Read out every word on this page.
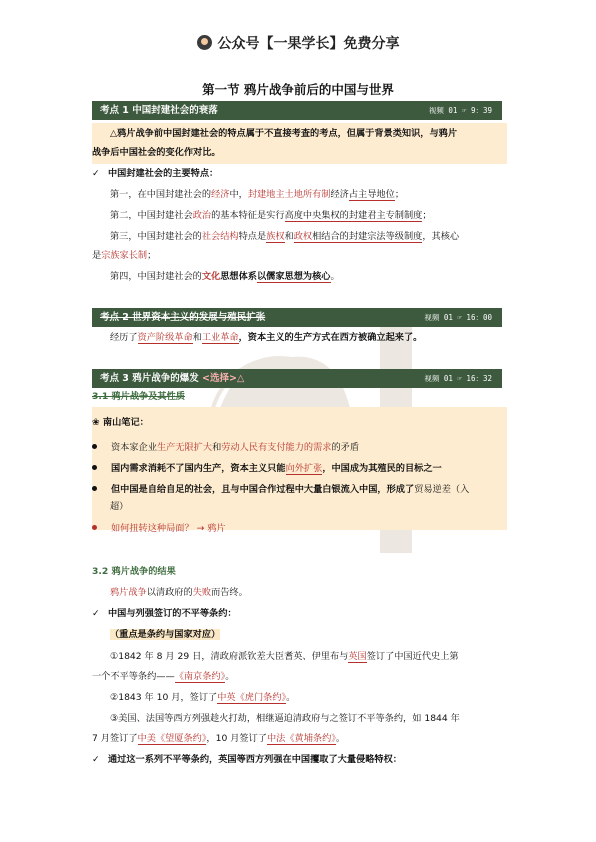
公众号【一果学长】免费分享
第一节 鸦片战争前后的中国与世界
考点 1 中国封建社会的衰落	视频 01 ☞ 9：39
△鸦片战争前中国封建社会的特点属于不直接考查的考点，但属于背景类知识，与鸦片
战争后中国社会的变化作对比。
✓ 中国封建社会的主要特点：
第一，在中国封建社会的经济中，封建地主土地所有制经济占主导地位；
第二，中国封建社会政治的基本特征是实行高度中央集权的封建君主专制制度；
第三，中国封建社会的社会结构特点是族权和政权相结合的封建宗法等级制度，其核心
是宗族家长制；
第四，中国封建社会的文化思想体系以儒家思想为核心。
考点 2 世界资本主义的发展与殖民扩张	视频 01 ☞ 16：00
经历了资产阶级革命和工业革命，资本主义的生产方式在西方被确立起来了。
考点 3 鸦片战争的爆发 <选择>△	视频 01 ☞ 16：32
3.1 鸦片战争及其性质
❀ 南山笔记：
资本家企业生产无限扩大和劳动人民有支付能力的需求的矛盾
国内需求消耗不了国内生产，资本主义只能向外扩张，中国成为其殖民的目标之一
但中国是自给自足的社会，且与中国合作过程中大量白银流入中国，形成了贸易逆差（入
超）
如何扭转这种局面？ → 鸦片
3.2 鸦片战争的结果
鸦片战争以清政府的失败而告终。
✓ 中国与列强签订的不平等条约：
（重点是条约与国家对应）
①1842 年 8 月 29 日，清政府派钦差大臣耆英、伊里布与英国签订了中国近代史上第
一个不平等条约——《南京条约》。
②1843 年 10 月，签订了中英《虎门条约》。
③美国、法国等西方列强趁火打劫，相继逼迫清政府与之签订不平等条约，如 1844 年
7 月签订了中美《望厦条约》，10 月签订了中法《黄埔条约》。
✓ 通过这一系列不平等条约，英国等西方列强在中国攫取了大量侵略特权：
